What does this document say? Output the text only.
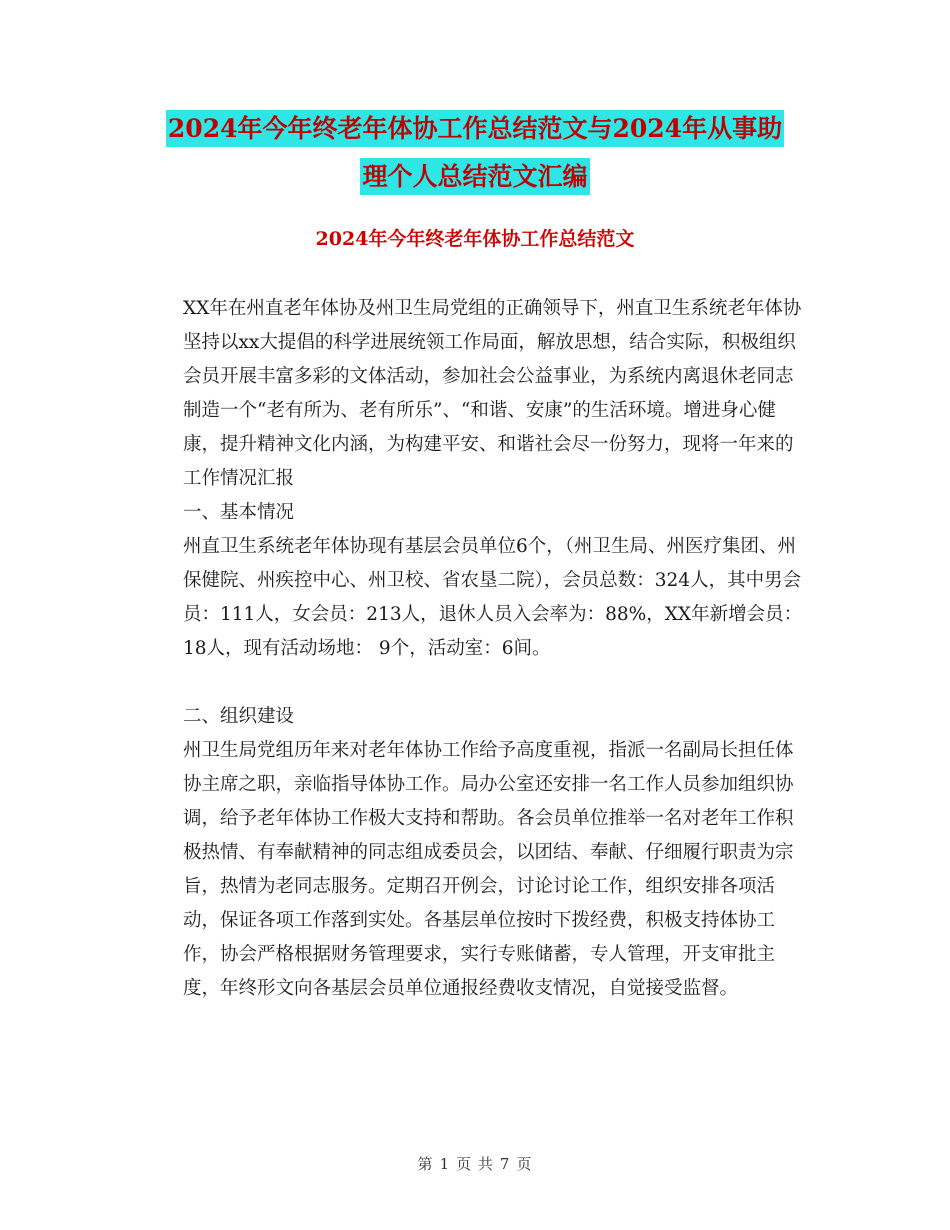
2024年今年终老年体协工作总结范文与2024年从事助
理个人总结范文汇编
2024年今年终老年体协工作总结范文

XX年在州直老年体协及州卫生局党组的正确领导下，州直卫生系统老年体协坚持以xx大提倡的科学进展统领工作局面，解放思想，结合实际，积极组织会员开展丰富多彩的文体活动，参加社会公益事业，为系统内离退休老同志制造一个“老有所为、老有所乐”、“和谐、安康”的生活环境。增进身心健康，提升精神文化内涵，为构建平安、和谐社会尽一份努力，现将一年来的工作情况汇报

一、基本情况

州直卫生系统老年体协现有基层会员单位6个，（州卫生局、州医疗集团、州保健院、州疾控中心、州卫校、省农垦二院），会员总数：324人，其中男会员：111人，女会员：213人，退休人员入会率为：88%，XX年新增会员：18人，现有活动场地： 9个，活动室：6间。

二、组织建设

州卫生局党组历年来对老年体协工作给予高度重视，指派一名副局长担任体协主席之职，亲临指导体协工作。局办公室还安排一名工作人员参加组织协调，给予老年体协工作极大支持和帮助。各会员单位推举一名对老年工作积极热情、有奉献精神的同志组成委员会，以团结、奉献、仔细履行职责为宗旨，热情为老同志服务。定期召开例会，讨论讨论工作，组织安排各项活动，保证各项工作落到实处。各基层单位按时下拨经费，积极支持体协工作，协会严格根据财务管理要求，实行专账储蓄，专人管理，开支审批主度，年终形文向各基层会员单位通报经费收支情况，自觉接受监督。

第 1 页 共 7 页
